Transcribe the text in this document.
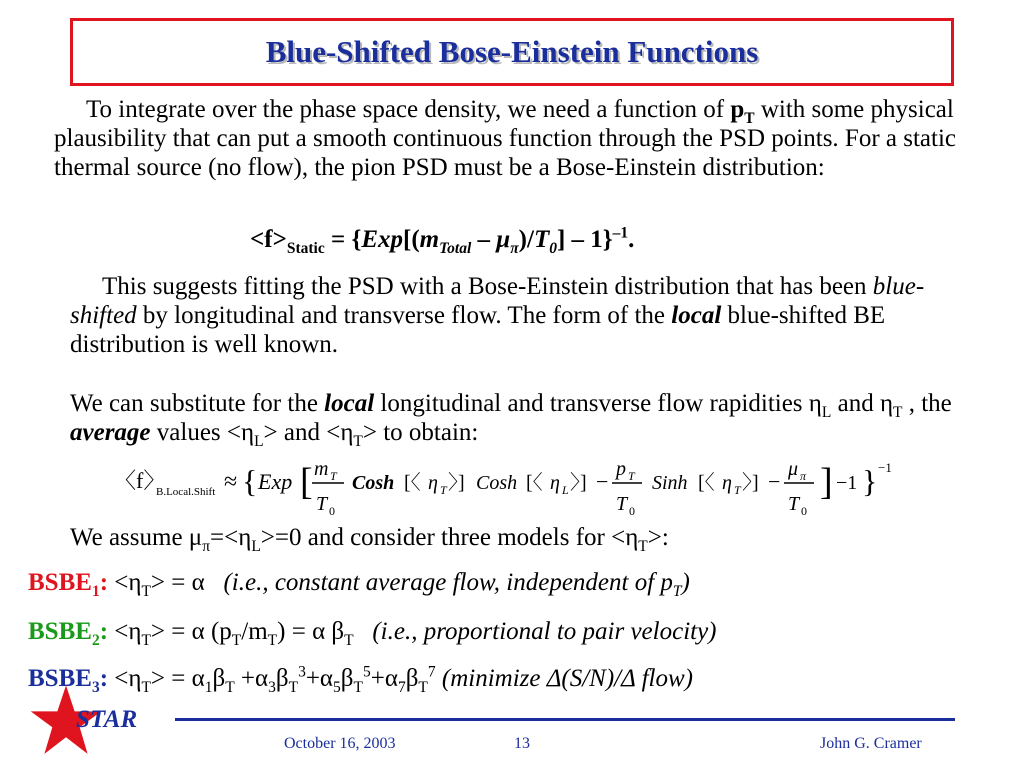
Blue-Shifted Bose-Einstein Functions
To integrate over the phase space density, we need a function of $p_T$ with some physical plausibility that can put a smooth continuous function through the PSD points. For a static thermal source (no flow), the pion PSD must be a Bose-Einstein distribution:
$<f>_{Static} = \{Exp[(m_{Total} - \mu_\pi)/T_0] - 1\}^{-1}$.
This suggests fitting the PSD with a Bose-Einstein distribution that has been blue-shifted by longitudinal and transverse flow. The form of the local blue-shifted BE distribution is well known.
We can substitute for the local longitudinal and transverse flow rapidities $\eta_L$ and $\eta_T$ , the average values $<\eta_L>$ and $<\eta_T>$ to obtain:
〈f〉
B.Local.Shift ≈ { Exp [ m T
T 0
Cosh [〈 η T 〉] Cosh [〈 η L 〉] − p T
T 0
Sinh [〈 η T 〉] − μ π
T 0
] −1 } −1
We assume $\mu_\pi=<\eta_L>=0$ and consider three models for $<\eta_T>$:
$BSBE_1$: $<\eta_T> = \alpha$ (i.e., constant average flow, independent of $p_T$)
$BSBE_2$: $<\eta_T> = \alpha$ $(p_T/m_T) = \alpha$ $\beta_T$ (i.e., proportional to pair velocity)
$BSBE_3$: $<\eta_T> = \alpha_1\beta_T +\alpha_3\beta_T^3+\alpha_5\beta_T^5+\alpha_7\beta_T^7$ (minimize Δ(S/N)/Δ flow)
STAR
October 16, 2003	13	John G. Cramer
